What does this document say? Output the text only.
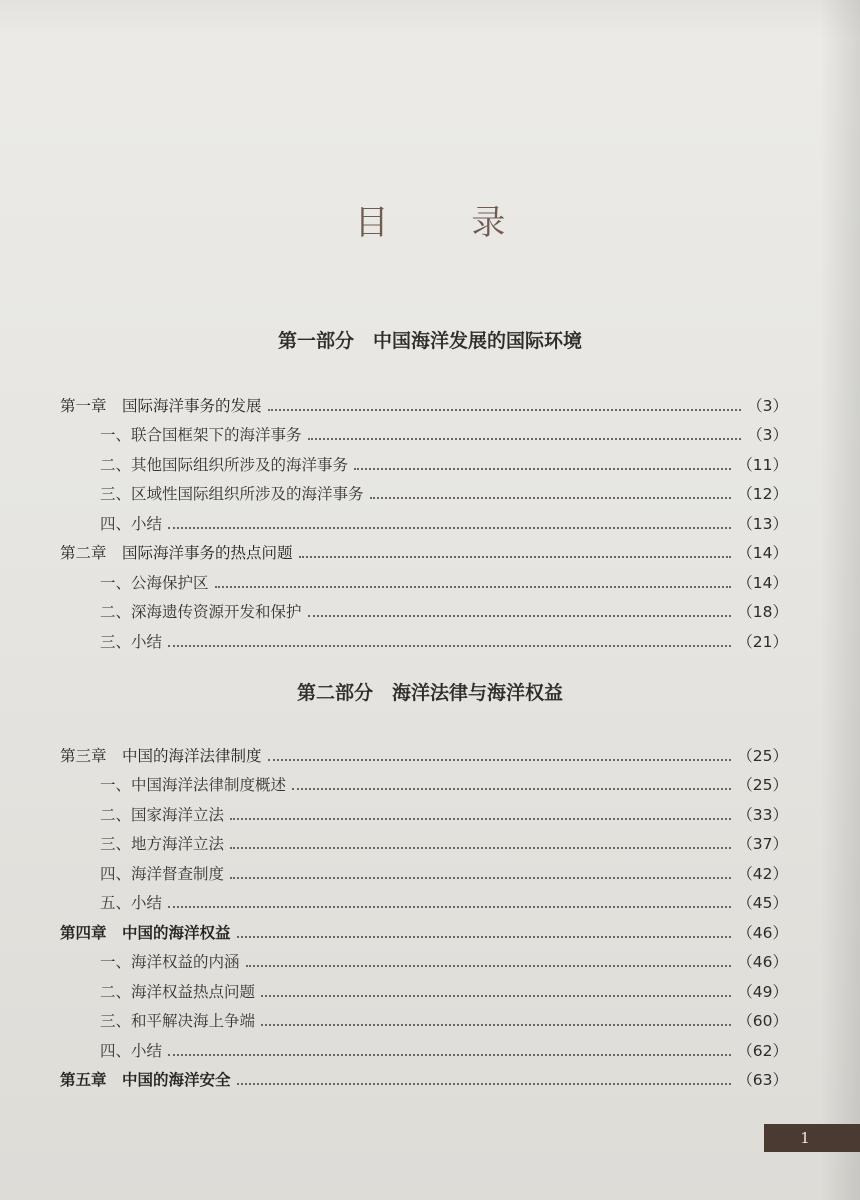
目 录
第一部分　中国海洋发展的国际环境
第一章　国际海洋事务的发展	（3）
一、联合国框架下的海洋事务	（3）
二、其他国际组织所涉及的海洋事务	（11）
三、区域性国际组织所涉及的海洋事务	（12）
四、小结	（13）
第二章　国际海洋事务的热点问题	（14）
一、公海保护区	（14）
二、深海遗传资源开发和保护	（18）
三、小结	（21）
第二部分　海洋法律与海洋权益
第三章　中国的海洋法律制度	（25）
一、中国海洋法律制度概述	（25）
二、国家海洋立法	（33）
三、地方海洋立法	（37）
四、海洋督查制度	（42）
五、小结	（45）
第四章　中国的海洋权益	（46）
一、海洋权益的内涵	（46）
二、海洋权益热点问题	（49）
三、和平解决海上争端	（60）
四、小结	（62）
第五章　中国的海洋安全	（63）
1
